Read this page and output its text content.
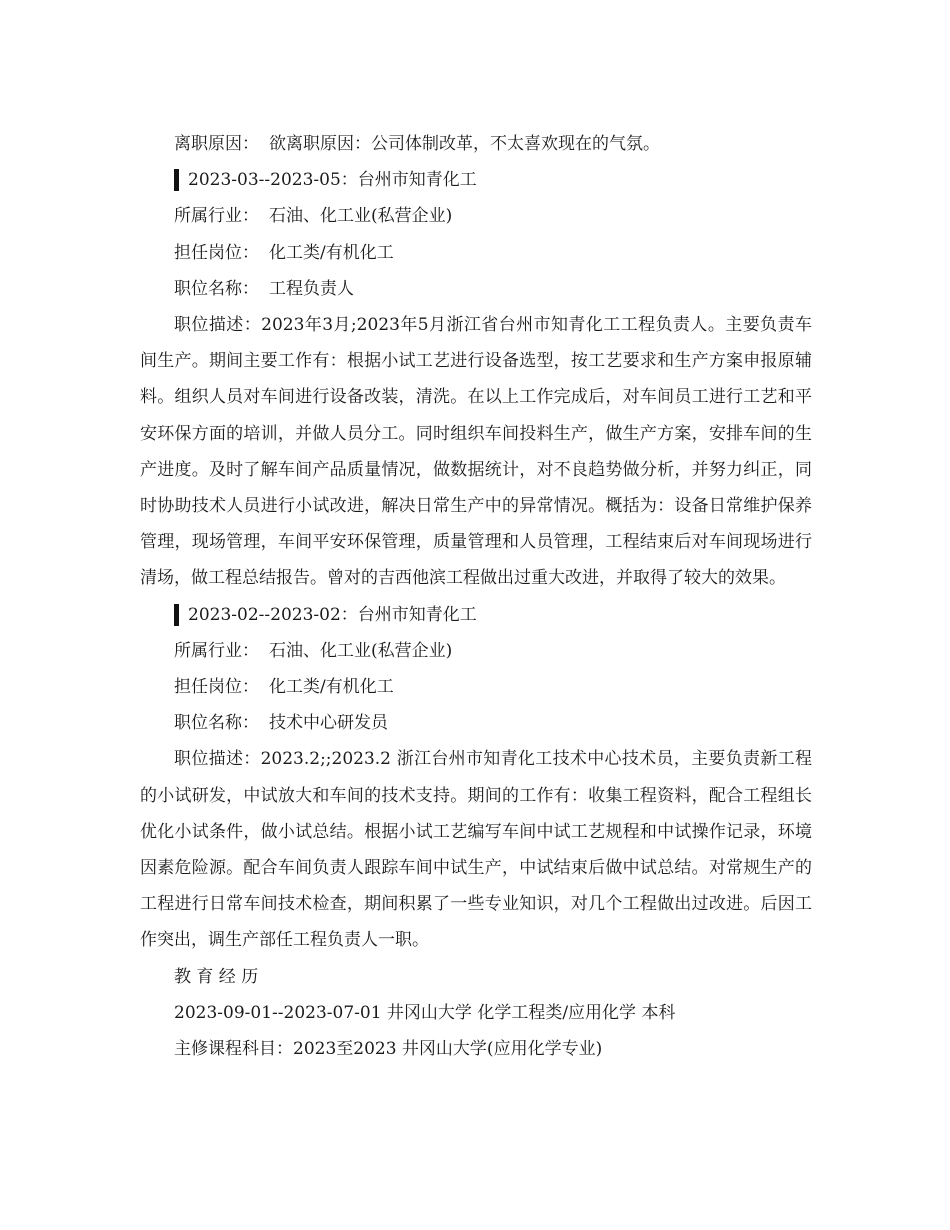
离职原因： 欲离职原因：公司体制改革，不太喜欢现在的气氛。

2023-03--2023-05：台州市知青化工

所属行业： 石油、化工业(私营企业)

担任岗位： 化工类/有机化工

职位名称： 工程负责人

职位描述：2023年3月;2023年5月浙江省台州市知青化工工程负责人。主要负责车间生产。期间主要工作有：根据小试工艺进行设备选型，按工艺要求和生产方案申报原辅料。组织人员对车间进行设备改装，清洗。在以上工作完成后，对车间员工进行工艺和平安环保方面的培训，并做人员分工。同时组织车间投料生产，做生产方案，安排车间的生产进度。及时了解车间产品质量情况，做数据统计，对不良趋势做分析，并努力纠正，同时协助技术人员进行小试改进，解决日常生产中的异常情况。概括为：设备日常维护保养管理，现场管理，车间平安环保管理，质量管理和人员管理，工程结束后对车间现场进行清场，做工程总结报告。曾对的吉西他滨工程做出过重大改进，并取得了较大的效果。

2023-02--2023-02：台州市知青化工

所属行业： 石油、化工业(私营企业)

担任岗位： 化工类/有机化工

职位名称： 技术中心研发员

职位描述：2023.2;;2023.2 浙江台州市知青化工技术中心技术员，主要负责新工程的小试研发，中试放大和车间的技术支持。期间的工作有：收集工程资料，配合工程组长优化小试条件，做小试总结。根据小试工艺编写车间中试工艺规程和中试操作记录，环境因素危险源。配合车间负责人跟踪车间中试生产，中试结束后做中试总结。对常规生产的工程进行日常车间技术检查，期间积累了一些专业知识，对几个工程做出过改进。后因工作突出，调生产部任工程负责人一职。

教 育 经 历

2023-09-01--2023-07-01 井冈山大学 化学工程类/应用化学 本科

主修课程科目：2023至2023 井冈山大学(应用化学专业)
